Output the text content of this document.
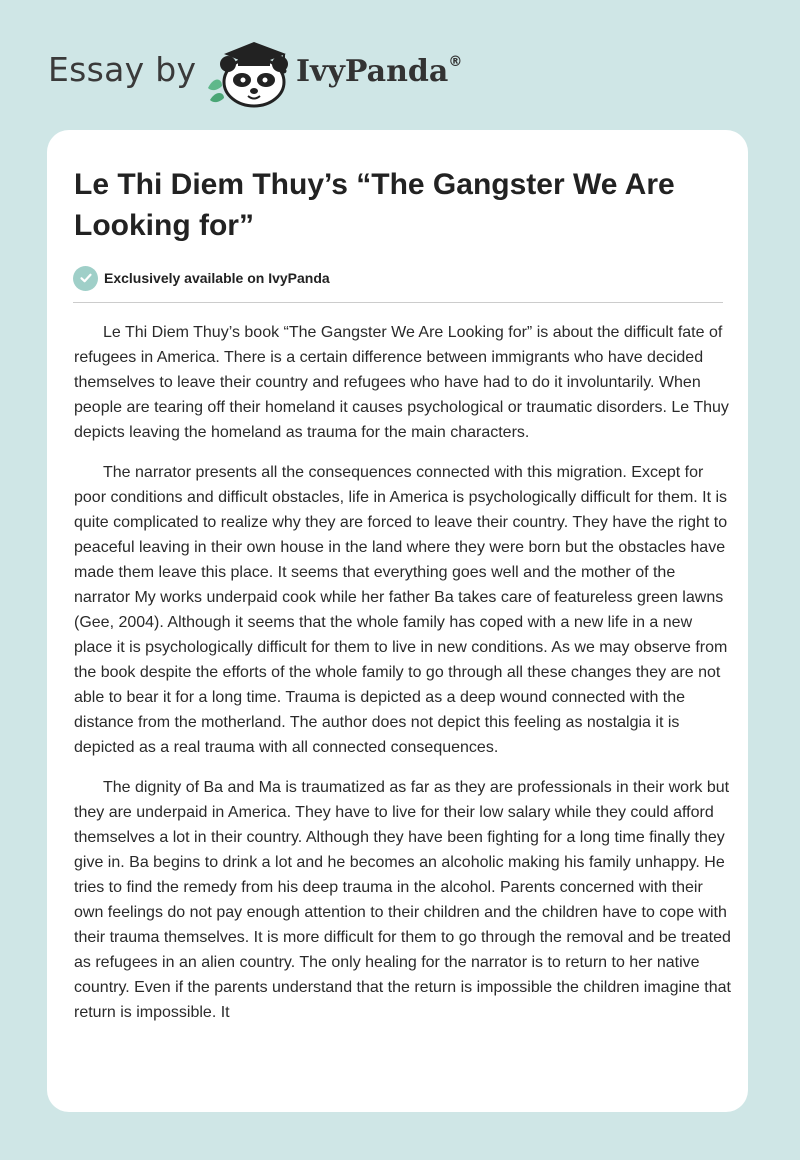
Essay by	IvyPanda®
Le Thi Diem Thuy’s “The Gangster We Are Looking for”
Exclusively available on IvyPanda

Le Thi Diem Thuy’s book “The Gangster We Are Looking for” is about the difficult fate of refugees in America. There is a certain difference between immigrants who have decided themselves to leave their country and refugees who have had to do it involuntarily. When people are tearing off their homeland it causes psychological or traumatic disorders. Le Thuy depicts leaving the homeland as trauma for the main characters.

The narrator presents all the consequences connected with this migration. Except for poor conditions and difficult obstacles, life in America is psychologically difficult for them. It is quite complicated to realize why they are forced to leave their country. They have the right to peaceful leaving in their own house in the land where they were born but the obstacles have made them leave this place. It seems that everything goes well and the mother of the narrator My works underpaid cook while her father Ba takes care of featureless green lawns (Gee, 2004). Although it seems that the whole family has coped with a new life in a new place it is psychologically difficult for them to live in new conditions. As we may observe from the book despite the efforts of the whole family to go through all these changes they are not able to bear it for a long time. Trauma is depicted as a deep wound connected with the distance from the motherland. The author does not depict this feeling as nostalgia it is depicted as a real trauma with all connected consequences.

The dignity of Ba and Ma is traumatized as far as they are professionals in their work but they are underpaid in America. They have to live for their low salary while they could afford themselves a lot in their country. Although they have been fighting for a long time finally they give in. Ba begins to drink a lot and he becomes an alcoholic making his family unhappy. He tries to find the remedy from his deep trauma in the alcohol. Parents concerned with their own feelings do not pay enough attention to their children and the children have to cope with their trauma themselves. It is more difficult for them to go through the removal and be treated as refugees in an alien country. The only healing for the narrator is to return to her native country. Even if the parents understand that the return is impossible the children imagine that return is impossible. It
